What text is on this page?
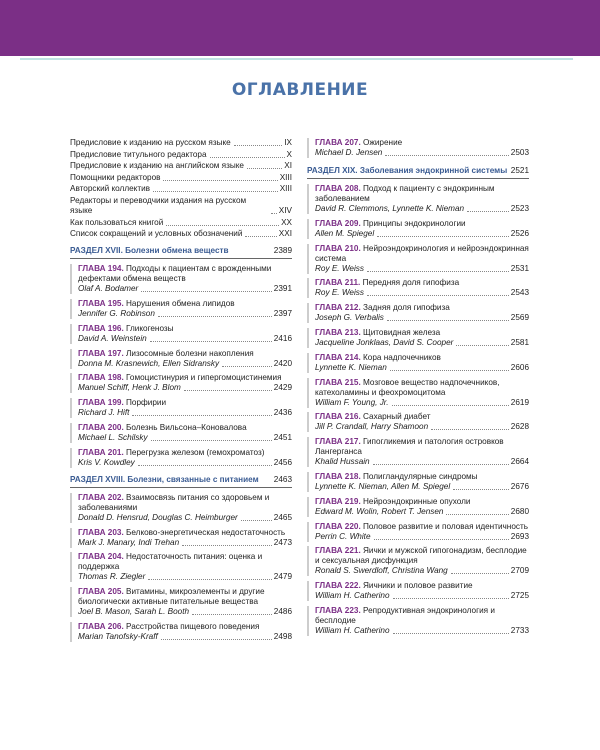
ОГЛАВЛЕНИЕ
Предисловие к изданию на русском языке	IX
Предисловие титульного редактора	X
Предисловие к изданию на английском языке	XI
Помощники редакторов	XIII
Авторский коллектив	XIII
Редакторы и переводчики издания на русском языке	XIV
Как пользоваться книгой	XX
Список сокращений и условных обозначений	XXI
РАЗДЕЛ XVII. Болезни обмена веществ	2389
ГЛАВА 194. Подходы к пациентам с врожденными дефектами обмена веществ
Olaf A. Bodamer	2391
ГЛАВА 195. Нарушения обмена липидов
Jennifer G. Robinson	2397
ГЛАВА 196. Гликогенозы
David A. Weinstein	2416
ГЛАВА 197. Лизосомные болезни накопления
Donna M. Krasnewich, Ellen Sidransky	2420
ГЛАВА 198. Гомоцистинурия и гипергомоцистинемия
Manuel Schiff, Henk J. Blom	2429
ГЛАВА 199. Порфирии
Richard J. Hift	2436
ГЛАВА 200. Болезнь Вильсона–Коновалова
Michael L. Schilsky	2451
ГЛАВА 201. Перегрузка железом (гемохроматоз)
Kris V. Kowdley	2456
РАЗДЕЛ XVIII. Болезни, связанные с питанием 2463
ГЛАВА 202. Взаимосвязь питания со здоровьем и заболеваниями
Donald D. Hensrud, Douglas C. Heimburger	2465
ГЛАВА 203. Белково-энергетическая недостаточность
Mark J. Manary, Indi Trehan	2473
ГЛАВА 204. Недостаточность питания: оценка и поддержка
Thomas R. Ziegler	2479
ГЛАВА 205. Витамины, микроэлементы и другие биологически активные питательные вещества
Joel B. Mason, Sarah L. Booth	2486
ГЛАВА 206. Расстройства пищевого поведения
Marian Tanofsky-Kraff	2498
ГЛАВА 207. Ожирение
Michael D. Jensen	2503
РАЗДЕЛ XIX. Заболевания эндокринной системы 2521
ГЛАВА 208. Подход к пациенту с эндокринным заболеванием
David R. Clemmons, Lynnette K. Nieman	2523
ГЛАВА 209. Принципы эндокринологии
Allen M. Spiegel	2526
ГЛАВА 210. Нейроэндокринология и нейроэндокринная система
Roy E. Weiss	2531
ГЛАВА 211. Передняя доля гипофиза
Roy E. Weiss	2543
ГЛАВА 212. Задняя доля гипофиза
Joseph G. Verbalis	2569
ГЛАВА 213. Щитовидная железа
Jacqueline Jonklaas, David S. Cooper	2581
ГЛАВА 214. Кора надпочечников
Lynnette K. Nieman	2606
ГЛАВА 215. Мозговое вещество надпочечников, катехоламины и феохромоцитома
William F. Young, Jr.	2619
ГЛАВА 216. Сахарный диабет
Jill P. Crandall, Harry Shamoon	2628
ГЛАВА 217. Гипогликемия и патология островков Лангерганса
Khalid Hussain	2664
ГЛАВА 218. Полигландулярные синдромы
Lynnette K. Nieman, Allen M. Spiegel	2676
ГЛАВА 219. Нейроэндокринные опухоли
Edward M. Wolin, Robert T. Jensen	2680
ГЛАВА 220. Половое развитие и половая идентичность
Perrin C. White	2693
ГЛАВА 221. Яички и мужской гипогонадизм, бесплодие и сексуальная дисфункция
Ronald S. Swerdloff, Christina Wang	2709
ГЛАВА 222. Яичники и половое развитие
William H. Catherino	2725
ГЛАВА 223. Репродуктивная эндокринология и бесплодие
William H. Catherino	2733
